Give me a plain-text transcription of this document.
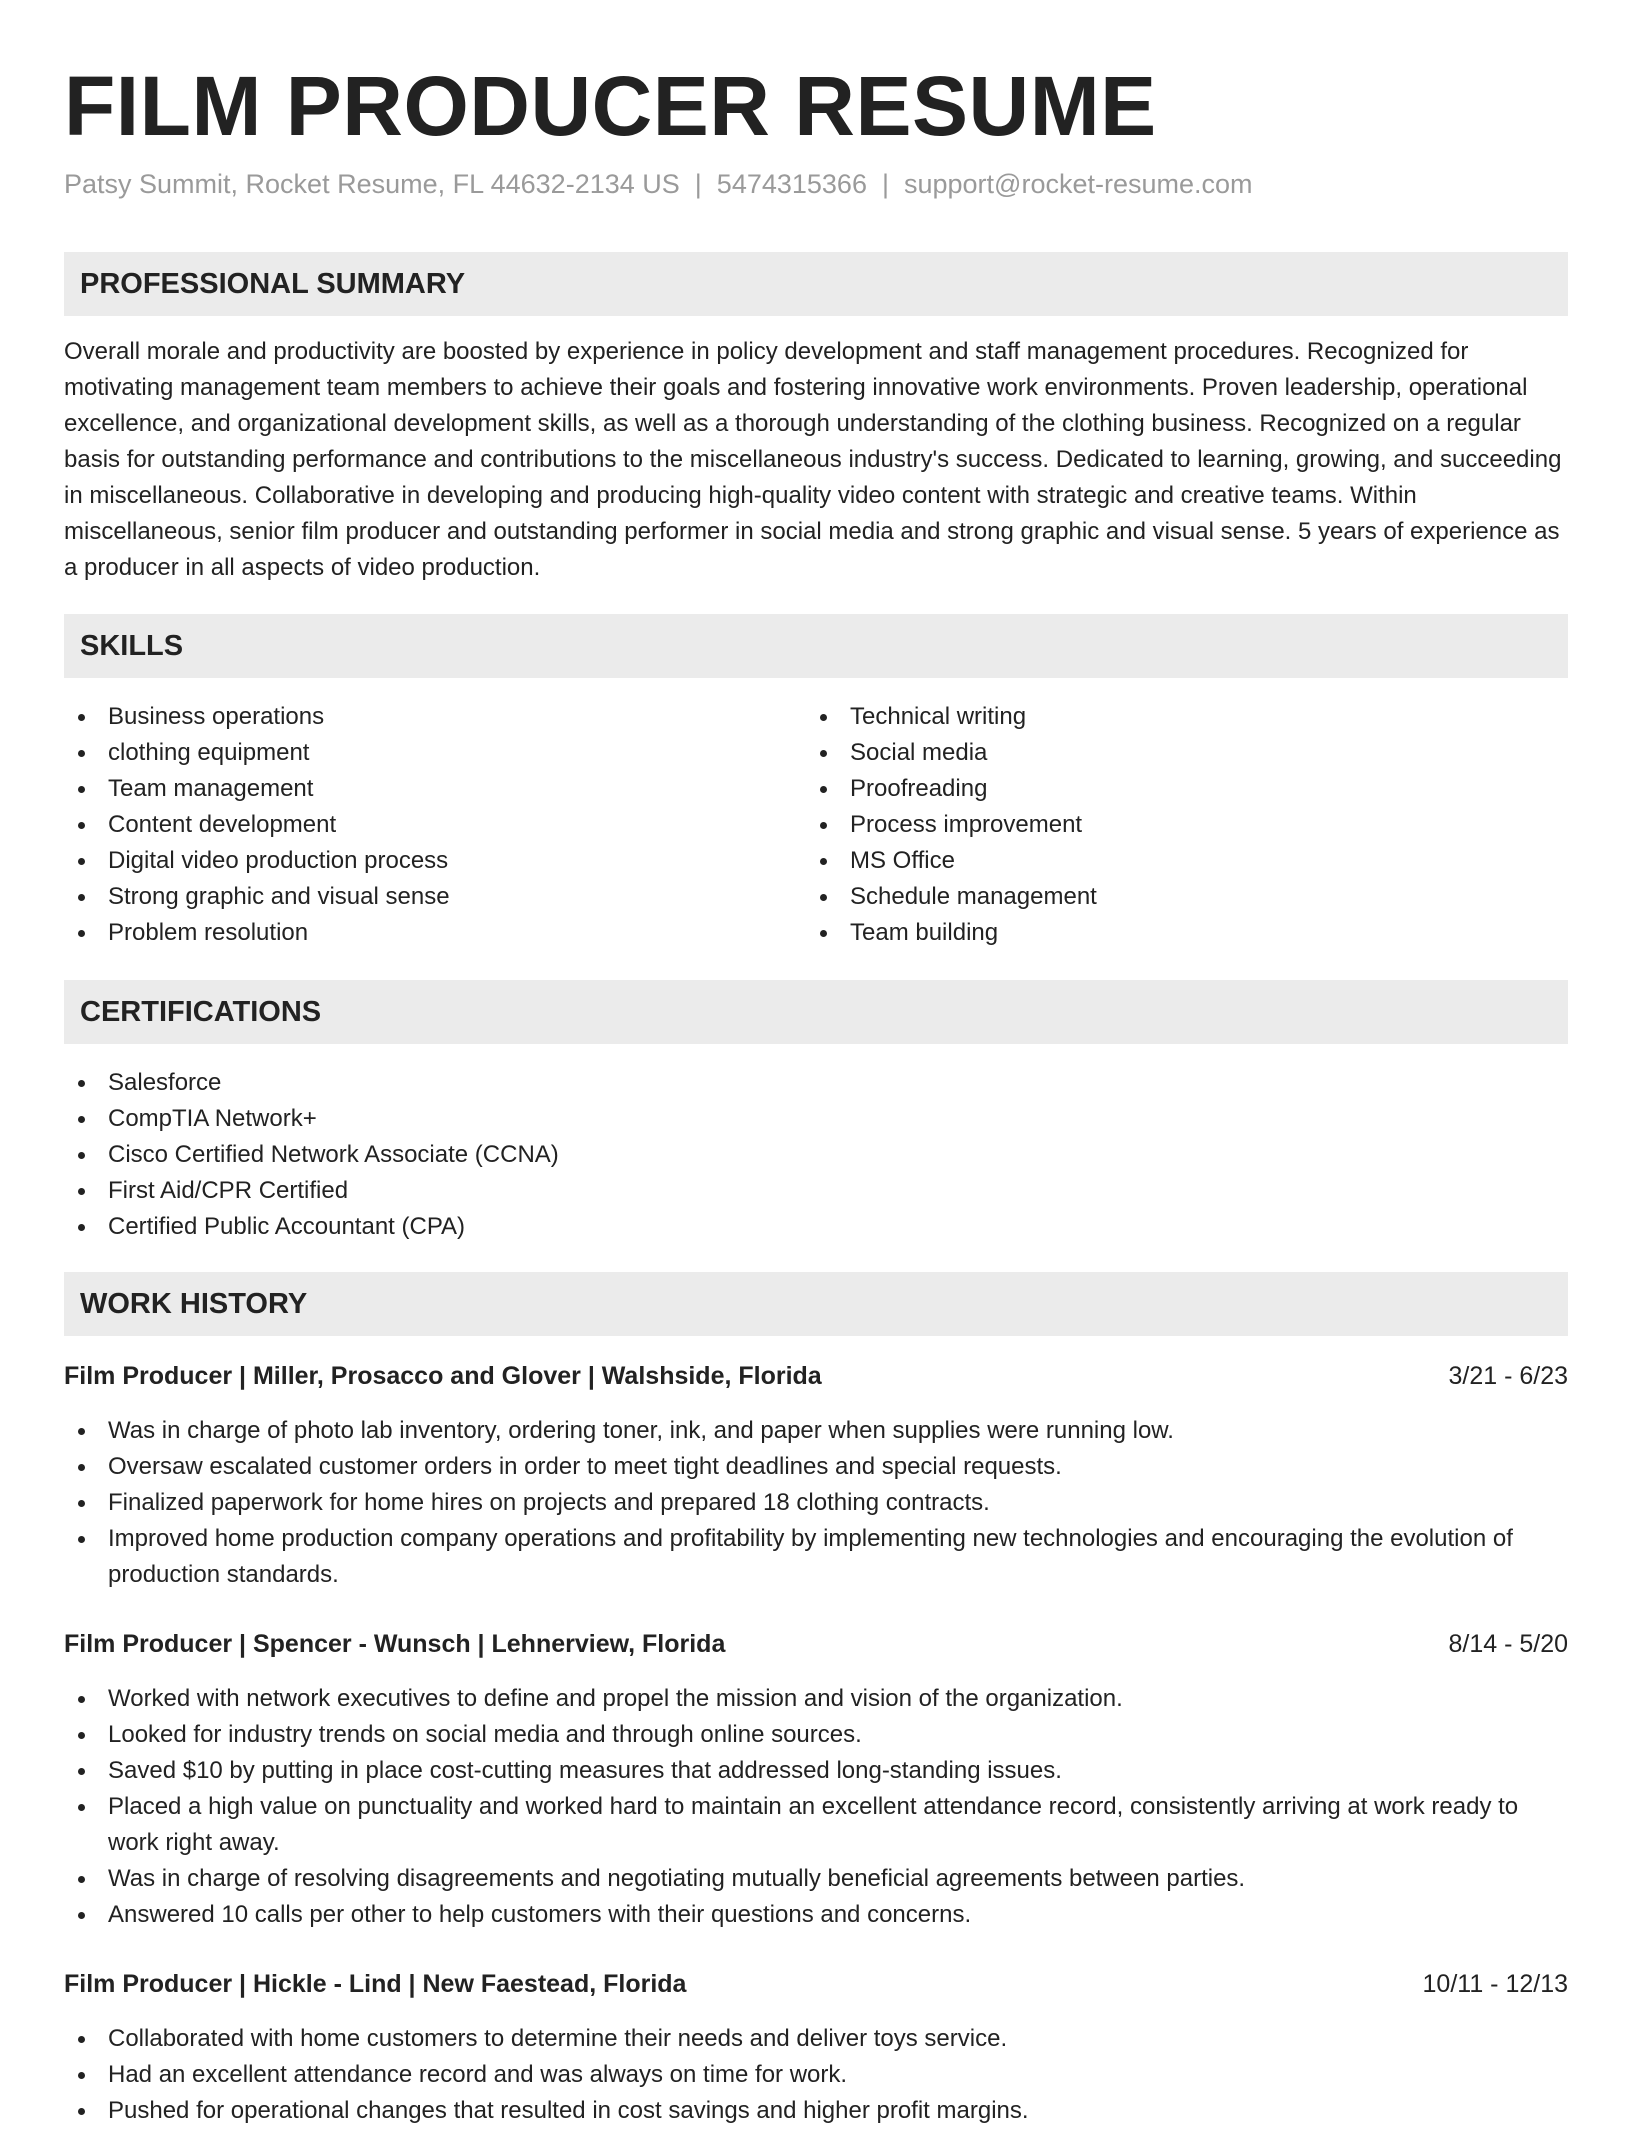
FILM PRODUCER RESUME
Patsy Summit, Rocket Resume, FL 44632-2134 US | 5474315366 | support@rocket-resume.com
PROFESSIONAL SUMMARY

Overall morale and productivity are boosted by experience in policy development and staff management procedures. Recognized for motivating management team members to achieve their goals and fostering innovative work environments. Proven leadership, operational excellence, and organizational development skills, as well as a thorough understanding of the clothing business. Recognized on a regular basis for outstanding performance and contributions to the miscellaneous industry's success. Dedicated to learning, growing, and succeeding in miscellaneous. Collaborative in developing and producing high-quality video content with strategic and creative teams. Within miscellaneous, senior film producer and outstanding performer in social media and strong graphic and visual sense. 5 years of experience as a producer in all aspects of video production.

SKILLS
Business operations
clothing equipment
Team management
Content development
Digital video production process
Strong graphic and visual sense
Problem resolution
Technical writing
Social media
Proofreading
Process improvement
MS Office
Schedule management
Team building
CERTIFICATIONS
Salesforce
CompTIA Network+
Cisco Certified Network Associate (CCNA)
First Aid/CPR Certified
Certified Public Accountant (CPA)
WORK HISTORY
Film Producer | Miller, Prosacco and Glover | Walshside, Florida	3/21 - 6/23
Was in charge of photo lab inventory, ordering toner, ink, and paper when supplies were running low.
Oversaw escalated customer orders in order to meet tight deadlines and special requests.
Finalized paperwork for home hires on projects and prepared 18 clothing contracts.
Improved home production company operations and profitability by implementing new technologies and encouraging the evolution of production standards.
Film Producer | Spencer - Wunsch | Lehnerview, Florida	8/14 - 5/20
Worked with network executives to define and propel the mission and vision of the organization.
Looked for industry trends on social media and through online sources.
Saved $10 by putting in place cost-cutting measures that addressed long-standing issues.
Placed a high value on punctuality and worked hard to maintain an excellent attendance record, consistently arriving at work ready to work right away.
Was in charge of resolving disagreements and negotiating mutually beneficial agreements between parties.
Answered 10 calls per other to help customers with their questions and concerns.
Film Producer | Hickle - Lind | New Faestead, Florida	10/11 - 12/13
Collaborated with home customers to determine their needs and deliver toys service.
Had an excellent attendance record and was always on time for work.
Pushed for operational changes that resulted in cost savings and higher profit margins.
